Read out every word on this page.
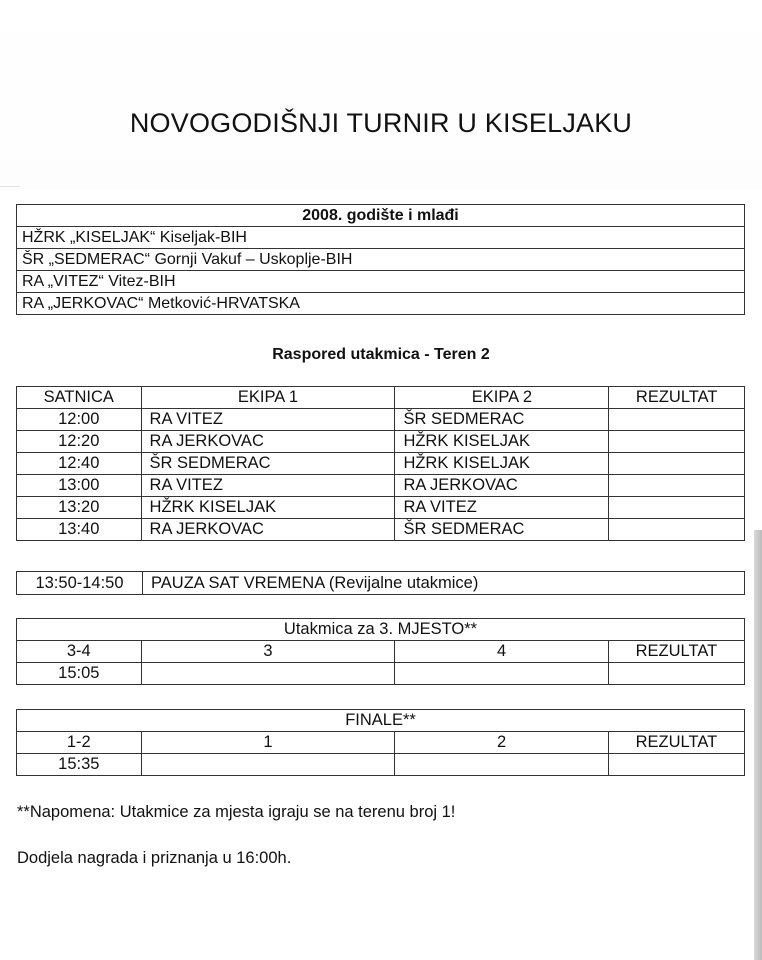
NOVOGODIŠNJI TURNIR U KISELJAKU
2008. godište i mlađi
HŽRK „KISELJAK“ Kiseljak-BIH
ŠR „SEDMERAC“ Gornji Vakuf – Uskoplje-BIH
RA „VITEZ“ Vitez-BIH
RA „JERKOVAC“ Metković-HRVATSKA
Raspored utakmica - Teren 2
SATNICA	EKIPA 1	EKIPA 2	REZULTAT
12:00	RA VITEZ	ŠR SEDMERAC	
12:20	RA JERKOVAC	HŽRK KISELJAK	
12:40	ŠR SEDMERAC	HŽRK KISELJAK	
13:00	RA VITEZ	RA JERKOVAC	
13:20	HŽRK KISELJAK	RA VITEZ	
13:40	RA JERKOVAC	ŠR SEDMERAC	
13:50-14:50	PAUZA SAT VREMENA (Revijalne utakmice)
Utakmica za 3. MJESTO**			
3-4	3	4	REZULTAT
15:05			
FINALE**			
1-2	1	2	REZULTAT
15:35			
**Napomena: Utakmice za mjesta igraju se na terenu broj 1!
Dodjela nagrada i priznanja u 16:00h.
